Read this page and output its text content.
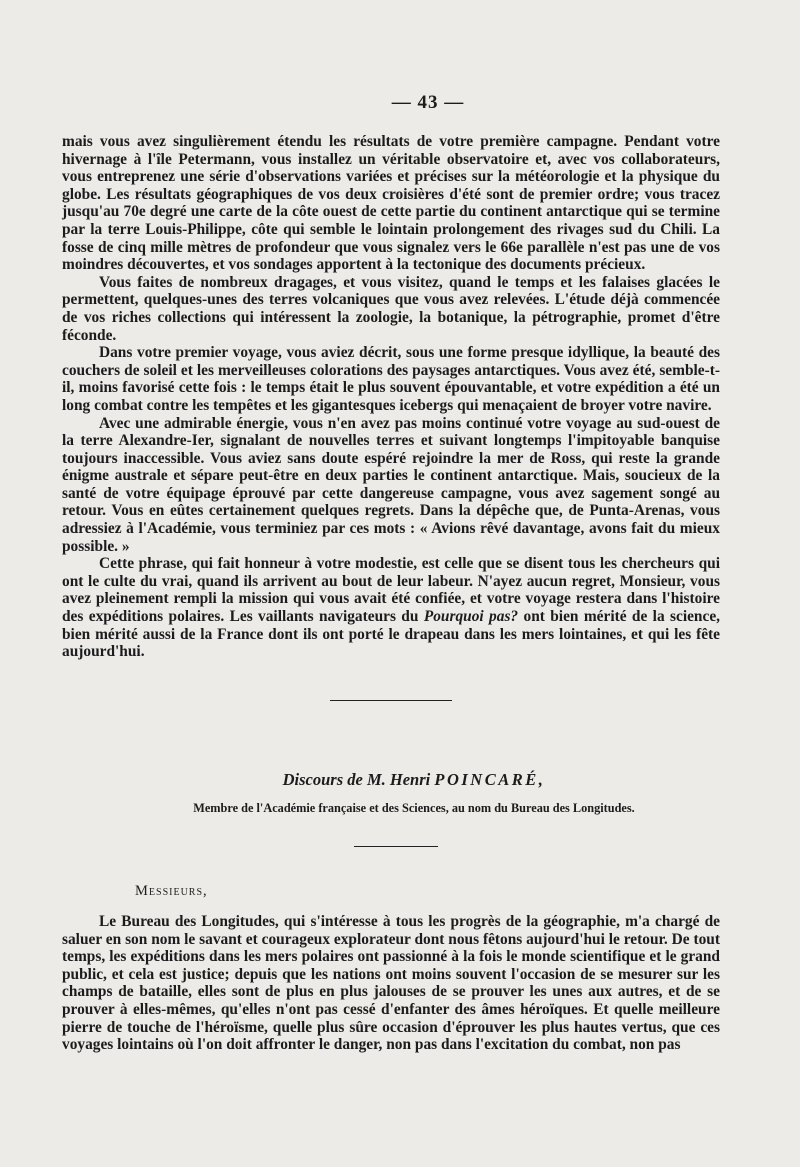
— 43 —

mais vous avez singulièrement étendu les résultats de votre première campagne. Pendant votre hivernage à l'île Petermann, vous installez un véritable observatoire et, avec vos collaborateurs, vous entreprenez une série d'observations variées et précises sur la météorologie et la physique du globe. Les résultats géographiques de vos deux croisières d'été sont de premier ordre; vous tracez jusqu'au 70e degré une carte de la côte ouest de cette partie du continent antarctique qui se termine par la terre Louis-Philippe, côte qui semble le lointain prolongement des rivages sud du Chili. La fosse de cinq mille mètres de profondeur que vous signalez vers le 66e parallèle n'est pas une de vos moindres découvertes, et vos sondages apportent à la tectonique des documents précieux.

Vous faites de nombreux dragages, et vous visitez, quand le temps et les falaises glacées le permettent, quelques-unes des terres volcaniques que vous avez relevées. L'étude déjà commencée de vos riches collections qui intéressent la zoologie, la botanique, la pétrographie, promet d'être féconde.

Dans votre premier voyage, vous aviez décrit, sous une forme presque idyllique, la beauté des couchers de soleil et les merveilleuses colorations des paysages antarctiques. Vous avez été, semble-t-il, moins favorisé cette fois : le temps était le plus souvent épouvantable, et votre expédition a été un long combat contre les tempêtes et les gigantesques icebergs qui menaçaient de broyer votre navire.

Avec une admirable énergie, vous n'en avez pas moins continué votre voyage au sud-ouest de la terre Alexandre-Ier, signalant de nouvelles terres et suivant longtemps l'impitoyable banquise toujours inaccessible. Vous aviez sans doute espéré rejoindre la mer de Ross, qui reste la grande énigme australe et sépare peut-être en deux parties le continent antarctique. Mais, soucieux de la santé de votre équipage éprouvé par cette dangereuse campagne, vous avez sagement songé au retour. Vous en eûtes certainement quelques regrets. Dans la dépêche que, de Punta-Arenas, vous adressiez à l'Académie, vous terminiez par ces mots : « Avions rêvé davantage, avons fait du mieux possible. »

Cette phrase, qui fait honneur à votre modestie, est celle que se disent tous les chercheurs qui ont le culte du vrai, quand ils arrivent au bout de leur labeur. N'ayez aucun regret, Monsieur, vous avez pleinement rempli la mission qui vous avait été confiée, et votre voyage restera dans l'histoire des expéditions polaires. Les vaillants navigateurs du Pourquoi pas? ont bien mérité de la science, bien mérité aussi de la France dont ils ont porté le drapeau dans les mers lointaines, et qui les fête aujourd'hui.

Discours de M. Henri POINCARÉ,
Membre de l'Académie française et des Sciences, au nom du Bureau des Longitudes.
Messieurs,

Le Bureau des Longitudes, qui s'intéresse à tous les progrès de la géographie, m'a chargé de saluer en son nom le savant et courageux explorateur dont nous fêtons aujourd'hui le retour. De tout temps, les expéditions dans les mers polaires ont passionné à la fois le monde scientifique et le grand public, et cela est justice; depuis que les nations ont moins souvent l'occasion de se mesurer sur les champs de bataille, elles sont de plus en plus jalouses de se prouver les unes aux autres, et de se prouver à elles-mêmes, qu'elles n'ont pas cessé d'enfanter des âmes héroïques. Et quelle meilleure pierre de touche de l'héroïsme, quelle plus sûre occasion d'éprouver les plus hautes vertus, que ces voyages lointains où l'on doit affronter le danger, non pas dans l'excitation du combat, non pas
